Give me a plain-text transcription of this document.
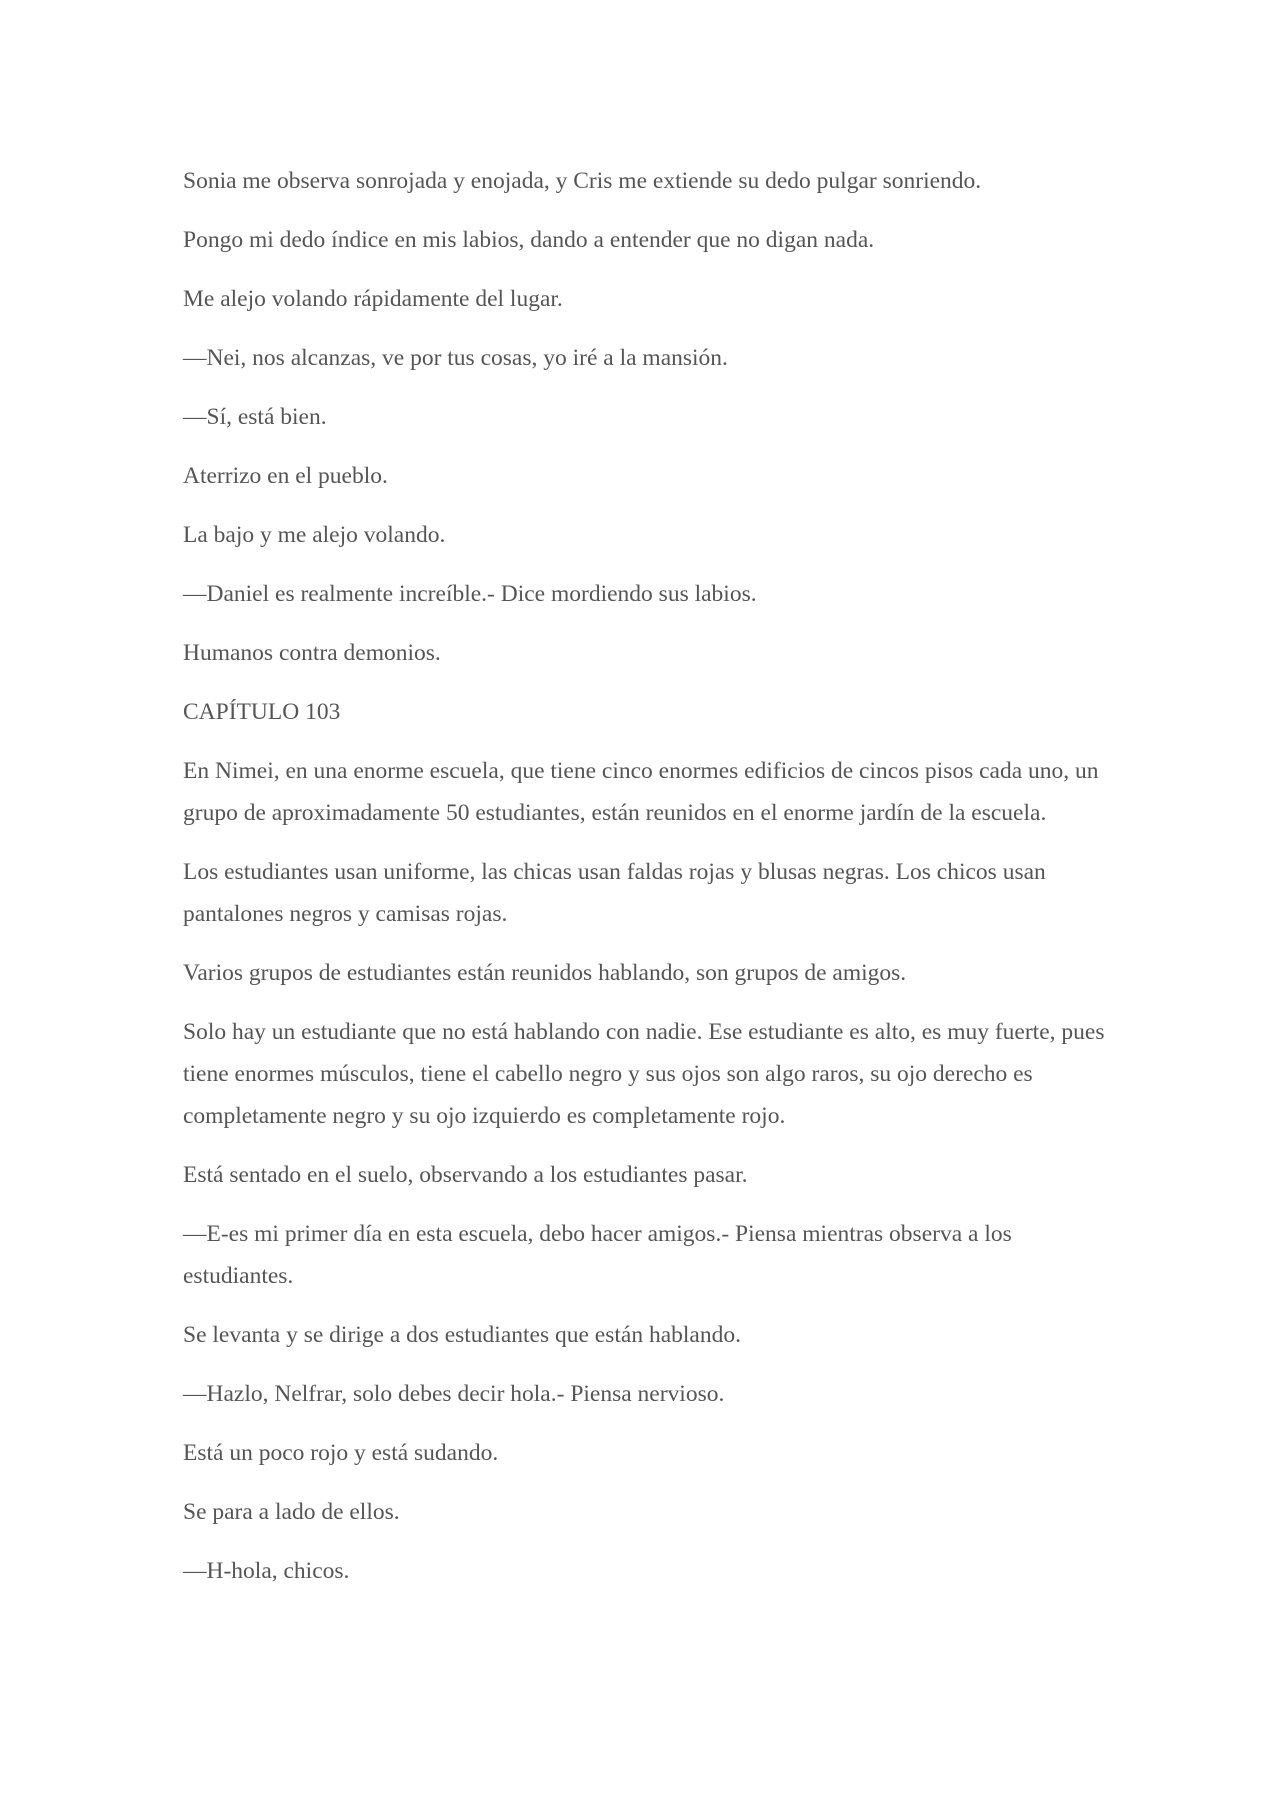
Sonia me observa sonrojada y enojada, y Cris me extiende su dedo pulgar sonriendo.

Pongo mi dedo índice en mis labios, dando a entender que no digan nada.

Me alejo volando rápidamente del lugar.

—Nei, nos alcanzas, ve por tus cosas, yo iré a la mansión.

—Sí, está bien.

Aterrizo en el pueblo.

La bajo y me alejo volando.

—Daniel es realmente increíble.- Dice mordiendo sus labios.

Humanos contra demonios.

CAPÍTULO 103

En Nimei, en una enorme escuela, que tiene cinco enormes edificios de cincos pisos cada uno, un grupo de aproximadamente 50 estudiantes, están reunidos en el enorme jardín de la escuela.

Los estudiantes usan uniforme, las chicas usan faldas rojas y blusas negras. Los chicos usan pantalones negros y camisas rojas.

Varios grupos de estudiantes están reunidos hablando, son grupos de amigos.

Solo hay un estudiante que no está hablando con nadie. Ese estudiante es alto, es muy fuerte, pues tiene enormes músculos, tiene el cabello negro y sus ojos son algo raros, su ojo derecho es completamente negro y su ojo izquierdo es completamente rojo.

Está sentado en el suelo, observando a los estudiantes pasar.

—E-es mi primer día en esta escuela, debo hacer amigos.- Piensa mientras observa a los estudiantes.

Se levanta y se dirige a dos estudiantes que están hablando.

—Hazlo, Nelfrar, solo debes decir hola.- Piensa nervioso.

Está un poco rojo y está sudando.

Se para a lado de ellos.

—H-hola, chicos.
